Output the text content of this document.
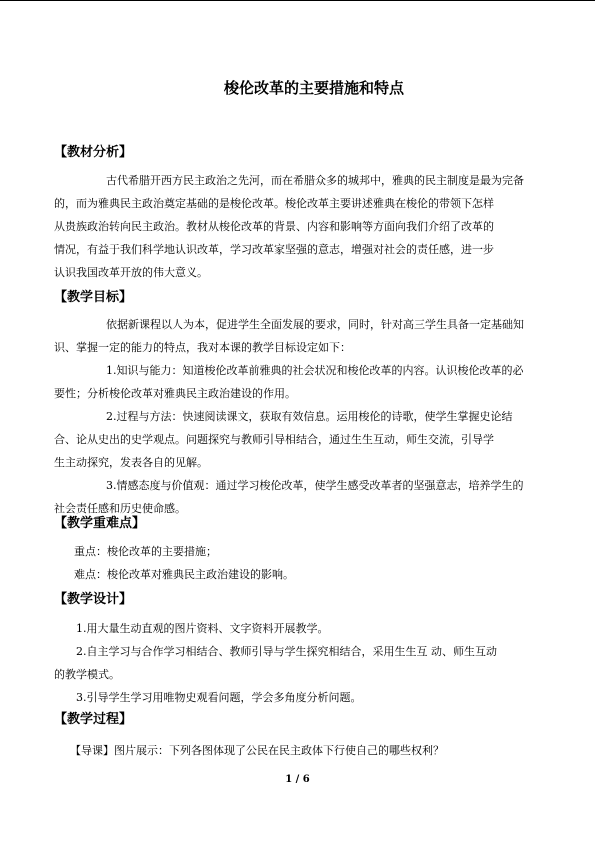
梭伦改革的主要措施和特点
【教材分析】
古代希腊开西方民主政治之先河，而在希腊众多的城邦中，雅典的民主制度是最为完备
的，而为雅典民主政治奠定基础的是梭伦改革。梭伦改革主要讲述雅典在梭伦的带领下怎样
从贵族政治转向民主政治。教材从梭伦改革的背景、内容和影响等方面向我们介绍了改革的
情况，有益于我们科学地认识改革，学习改革家坚强的意志，增强对社会的责任感，进一步
认识我国改革开放的伟大意义。
【教学目标】
依据新课程以人为本，促进学生全面发展的要求，同时，针对高三学生具备一定基础知
识、掌握一定的能力的特点，我对本课的教学目标设定如下：
1.知识与能力：知道梭伦改革前雅典的社会状况和梭伦改革的内容。认识梭伦改革的必
要性；分析梭伦改革对雅典民主政治建设的作用。
2.过程与方法：快速阅读课文，获取有效信息。运用梭伦的诗歌，使学生掌握史论结
合、论从史出的史学观点。问题探究与教师引导相结合，通过生生互动，师生交流，引导学
生主动探究，发表各自的见解。
3.情感态度与价值观：通过学习梭伦改革，使学生感受改革者的坚强意志，培养学生的
社会责任感和历史使命感。
【教学重难点】
重点：梭伦改革的主要措施；
难点：梭伦改革对雅典民主政治建设的影响。
【教学设计】
1.用大量生动直观的图片资料、文字资料开展教学。
2.自主学习与合作学习相结合、教师引导与学生探究相结合，采用生生互 动、师生互动
的教学模式。
3.引导学生学习用唯物史观看问题，学会多角度分析问题。
【教学过程】
【导课】图片展示：下列各图体现了公民在民主政体下行使自己的哪些权利？
1 / 6
